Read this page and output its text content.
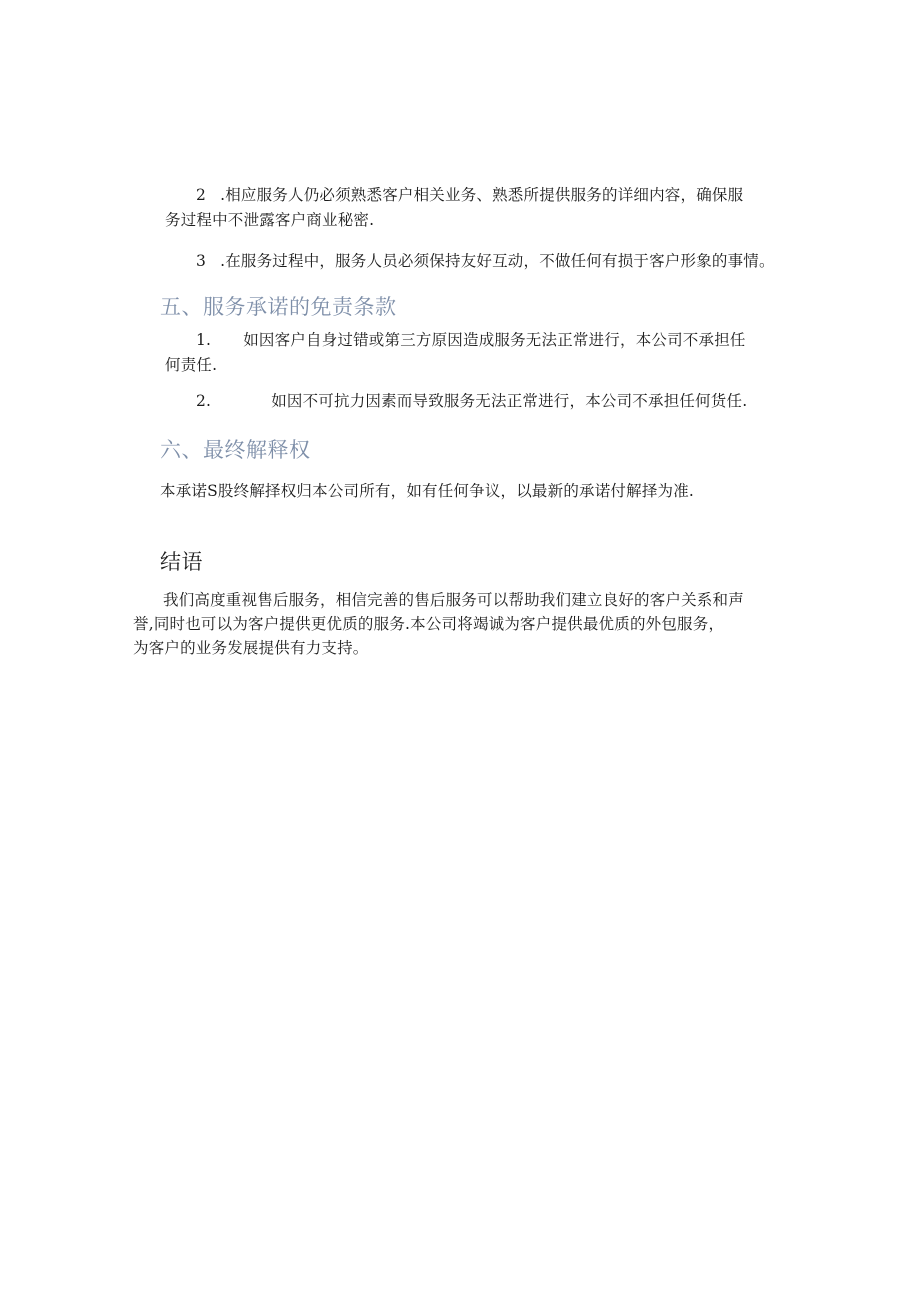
2 .相应服务人仍必须熟悉客户相关业务、熟悉所提供服务的详细内容，确保服
务过程中不泄露客户商业秘密.
3 .在服务过程中，服务人员必须保持友好互动，不做任何有损于客户形象的事情。
五、服务承诺的免责条款
1. 如因客户自身过错或第三方原因造成服务无法正常进行，本公司不承担任
何责任.
2.	如因不可抗力因素而导致服务无法正常进行，本公司不承担任何货任.
六、最终解释权
本承诺S股终解择权归本公司所有，如有任何争议，以最新的承诺付解择为准.
结语
我们高度重视售后服务，相信完善的售后服务可以帮助我们建立良好的客户关系和声
誉,同时也可以为客户提供更优质的服务.本公司将竭诚为客户提供最优质的外包服务，
为客户的业务发展提供有力支持。
